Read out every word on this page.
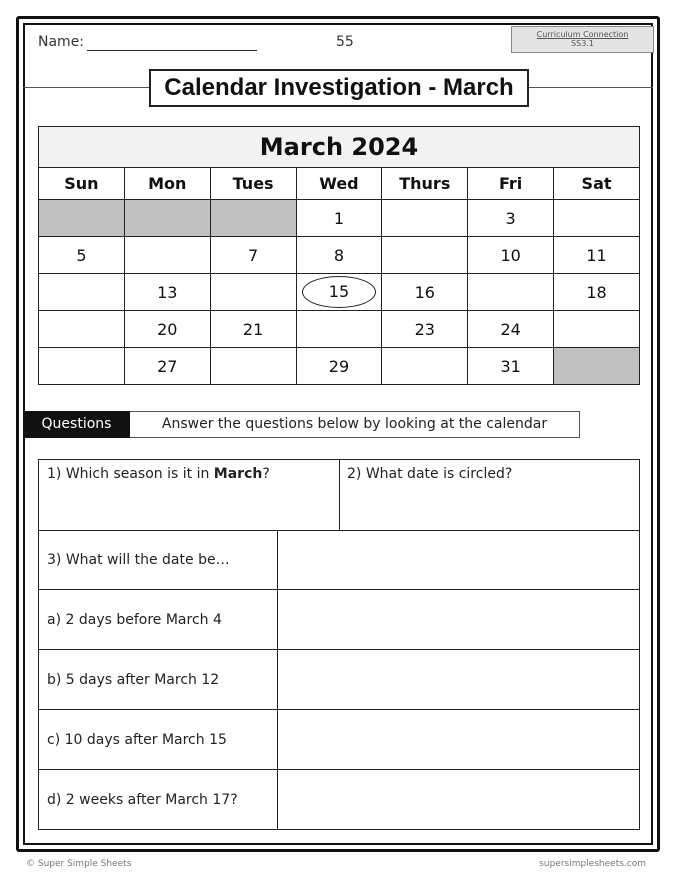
Name:	55	Curriculum Connection
SS3.1
Calendar Investigation - March
March 2024						
Sun	Mon	Tues	Wed	Thurs	Fri	Sat
			1		3	
5		7	8		10	11
	13		15	16		18
	20	21		23	24	
	27		29		31	
Questions	Answer the questions below by looking at the calendar
1) Which season is it in March?	2) What date is circled?
3) What will the date be…
a) 2 days before March 4
b) 5 days after March 12
c) 10 days after March 15
d) 2 weeks after March 17?
© Super Simple Sheets	supersimplesheets.com
